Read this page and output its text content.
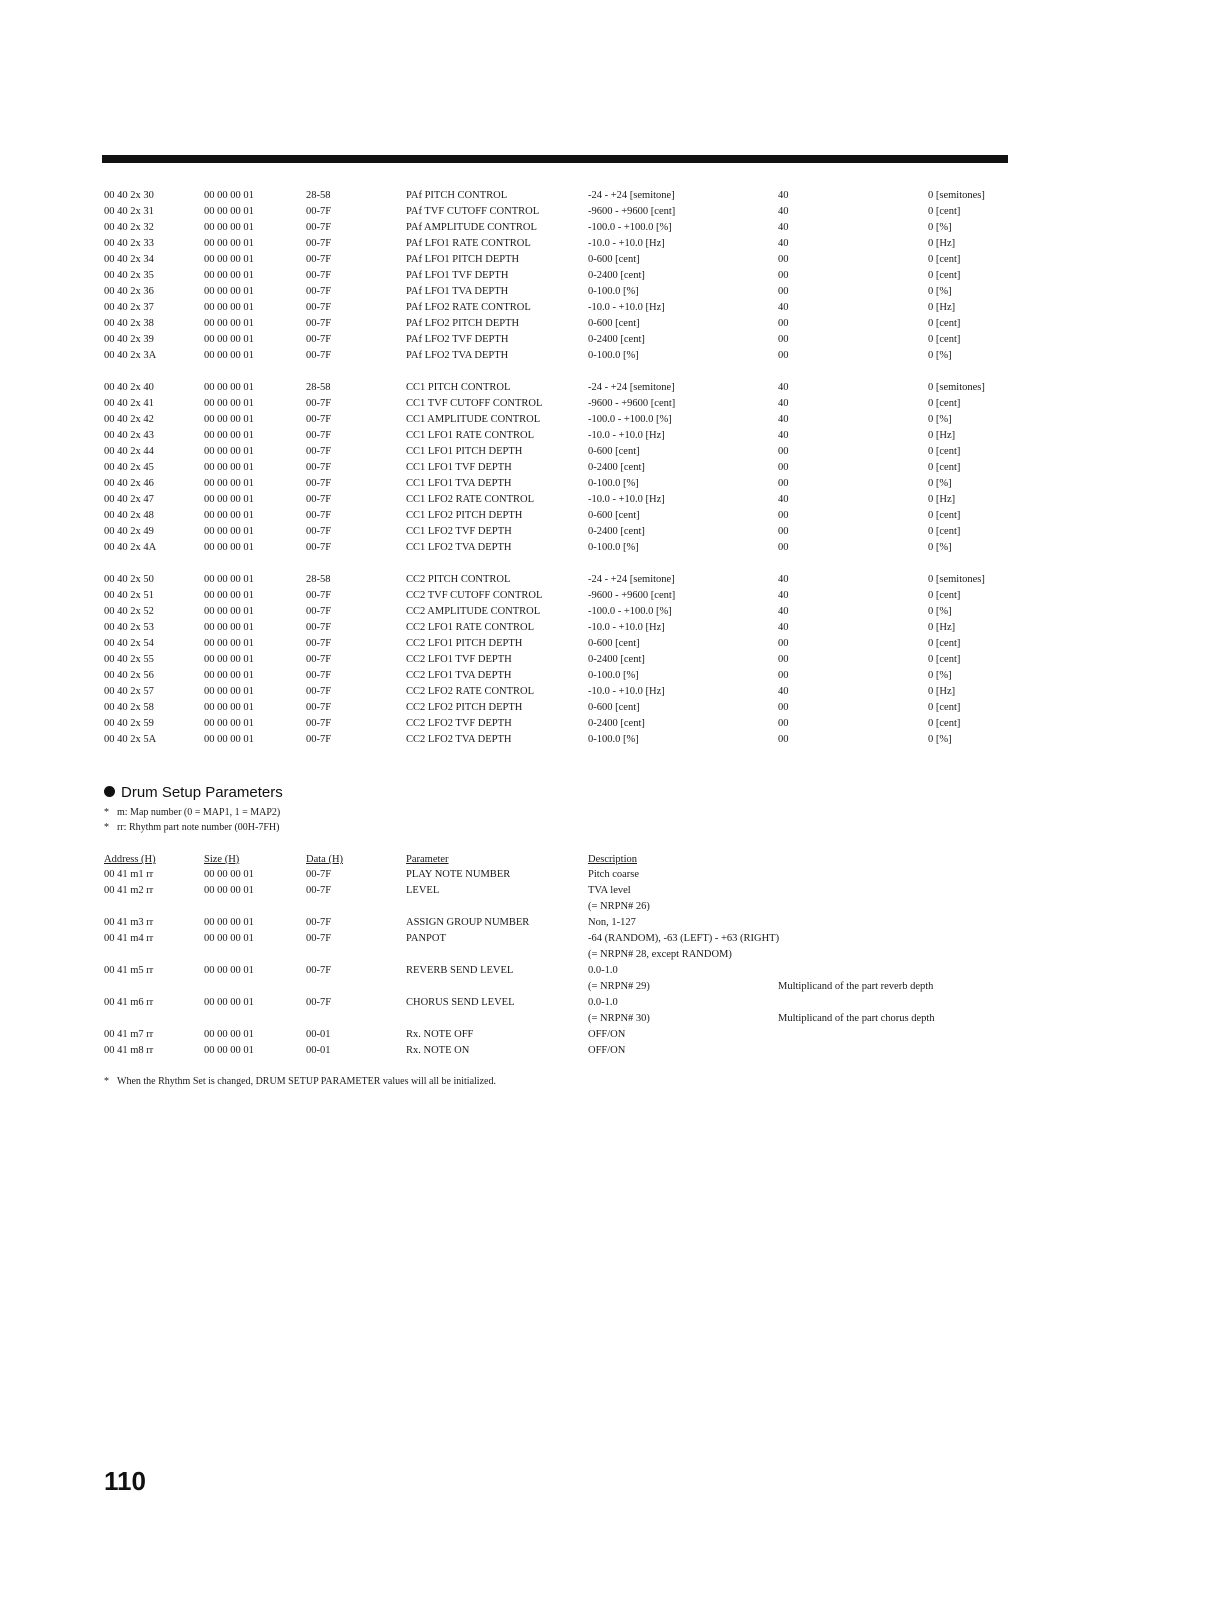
00 40 2x 30	00 00 00 01	28-58	PAf PITCH CONTROL	-24 - +24 [semitone]	40	0 [semitones]
00 40 2x 31	00 00 00 01	00-7F	PAf TVF CUTOFF CONTROL	-9600 - +9600 [cent]	40	0 [cent]
00 40 2x 32	00 00 00 01	00-7F	PAf AMPLITUDE CONTROL	-100.0 - +100.0 [%]	40	0 [%]
00 40 2x 33	00 00 00 01	00-7F	PAf LFO1 RATE CONTROL	-10.0 - +10.0 [Hz]	40	0 [Hz]
00 40 2x 34	00 00 00 01	00-7F	PAf LFO1 PITCH DEPTH	0-600 [cent]	00	0 [cent]
00 40 2x 35	00 00 00 01	00-7F	PAf LFO1 TVF DEPTH	0-2400 [cent]	00	0 [cent]
00 40 2x 36	00 00 00 01	00-7F	PAf LFO1 TVA DEPTH	0-100.0 [%]	00	0 [%]
00 40 2x 37	00 00 00 01	00-7F	PAf LFO2 RATE CONTROL	-10.0 - +10.0 [Hz]	40	0 [Hz]
00 40 2x 38	00 00 00 01	00-7F	PAf LFO2 PITCH DEPTH	0-600 [cent]	00	0 [cent]
00 40 2x 39	00 00 00 01	00-7F	PAf LFO2 TVF DEPTH	0-2400 [cent]	00	0 [cent]
00 40 2x 3A	00 00 00 01	00-7F	PAf LFO2 TVA DEPTH	0-100.0 [%]	00	0 [%]
00 40 2x 40	00 00 00 01	28-58	CC1 PITCH CONTROL	-24 - +24 [semitone]	40	0 [semitones]
00 40 2x 41	00 00 00 01	00-7F	CC1 TVF CUTOFF CONTROL	-9600 - +9600 [cent]	40	0 [cent]
00 40 2x 42	00 00 00 01	00-7F	CC1 AMPLITUDE CONTROL	-100.0 - +100.0 [%]	40	0 [%]
00 40 2x 43	00 00 00 01	00-7F	CC1 LFO1 RATE CONTROL	-10.0 - +10.0 [Hz]	40	0 [Hz]
00 40 2x 44	00 00 00 01	00-7F	CC1 LFO1 PITCH DEPTH	0-600 [cent]	00	0 [cent]
00 40 2x 45	00 00 00 01	00-7F	CC1 LFO1 TVF DEPTH	0-2400 [cent]	00	0 [cent]
00 40 2x 46	00 00 00 01	00-7F	CC1 LFO1 TVA DEPTH	0-100.0 [%]	00	0 [%]
00 40 2x 47	00 00 00 01	00-7F	CC1 LFO2 RATE CONTROL	-10.0 - +10.0 [Hz]	40	0 [Hz]
00 40 2x 48	00 00 00 01	00-7F	CC1 LFO2 PITCH DEPTH	0-600 [cent]	00	0 [cent]
00 40 2x 49	00 00 00 01	00-7F	CC1 LFO2 TVF DEPTH	0-2400 [cent]	00	0 [cent]
00 40 2x 4A	00 00 00 01	00-7F	CC1 LFO2 TVA DEPTH	0-100.0 [%]	00	0 [%]
00 40 2x 50	00 00 00 01	28-58	CC2 PITCH CONTROL	-24 - +24 [semitone]	40	0 [semitones]
00 40 2x 51	00 00 00 01	00-7F	CC2 TVF CUTOFF CONTROL	-9600 - +9600 [cent]	40	0 [cent]
00 40 2x 52	00 00 00 01	00-7F	CC2 AMPLITUDE CONTROL	-100.0 - +100.0 [%]	40	0 [%]
00 40 2x 53	00 00 00 01	00-7F	CC2 LFO1 RATE CONTROL	-10.0 - +10.0 [Hz]	40	0 [Hz]
00 40 2x 54	00 00 00 01	00-7F	CC2 LFO1 PITCH DEPTH	0-600 [cent]	00	0 [cent]
00 40 2x 55	00 00 00 01	00-7F	CC2 LFO1 TVF DEPTH	0-2400 [cent]	00	0 [cent]
00 40 2x 56	00 00 00 01	00-7F	CC2 LFO1 TVA DEPTH	0-100.0 [%]	00	0 [%]
00 40 2x 57	00 00 00 01	00-7F	CC2 LFO2 RATE CONTROL	-10.0 - +10.0 [Hz]	40	0 [Hz]
00 40 2x 58	00 00 00 01	00-7F	CC2 LFO2 PITCH DEPTH	0-600 [cent]	00	0 [cent]
00 40 2x 59	00 00 00 01	00-7F	CC2 LFO2 TVF DEPTH	0-2400 [cent]	00	0 [cent]
00 40 2x 5A	00 00 00 01	00-7F	CC2 LFO2 TVA DEPTH	0-100.0 [%]	00	0 [%]
Drum Setup Parameters
* m: Map number (0 = MAP1, 1 = MAP2)
* rr: Rhythm part note number (00H-7FH)
Address (H)	Size (H)	Data (H)	Parameter	Description
00 41 m1 rr	00 00 00 01	00-7F	PLAY NOTE NUMBER	Pitch coarse
00 41 m2 rr	00 00 00 01	00-7F	LEVEL	TVA level
(= NRPN# 26)
00 41 m3 rr	00 00 00 01	00-7F	ASSIGN GROUP NUMBER	Non, 1-127
00 41 m4 rr	00 00 00 01	00-7F	PANPOT	-64 (RANDOM), -63 (LEFT) - +63 (RIGHT)
(= NRPN# 28, except RANDOM)
00 41 m5 rr	00 00 00 01	00-7F	REVERB SEND LEVEL	0.0-1.0
(= NRPN# 29)	Multiplicand of the part reverb depth
00 41 m6 rr	00 00 00 01	00-7F	CHORUS SEND LEVEL	0.0-1.0
(= NRPN# 30)	Multiplicand of the part chorus depth
00 41 m7 rr	00 00 00 01	00-01	Rx. NOTE OFF	OFF/ON
00 41 m8 rr	00 00 00 01	00-01	Rx. NOTE ON	OFF/ON
* When the Rhythm Set is changed, DRUM SETUP PARAMETER values will all be initialized.
110
